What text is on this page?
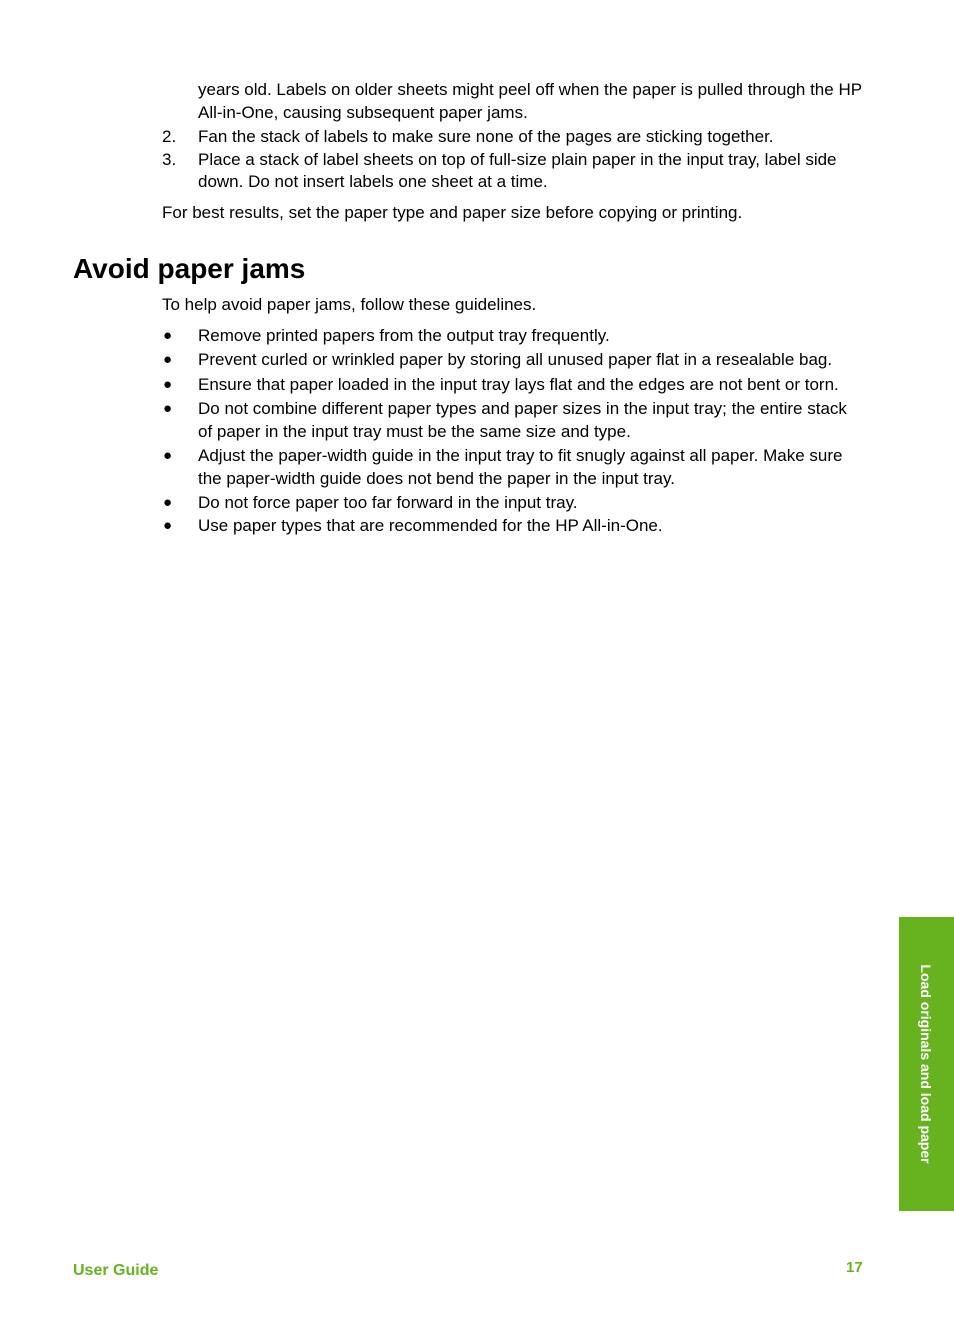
years old. Labels on older sheets might peel off when the paper is pulled through the HP All-in-One, causing subsequent paper jams.
2. Fan the stack of labels to make sure none of the pages are sticking together.
3. Place a stack of label sheets on top of full-size plain paper in the input tray, label side down. Do not insert labels one sheet at a time.
For best results, set the paper type and paper size before copying or printing.
Avoid paper jams
To help avoid paper jams, follow these guidelines.
● Remove printed papers from the output tray frequently.
● Prevent curled or wrinkled paper by storing all unused paper flat in a resealable bag.
● Ensure that paper loaded in the input tray lays flat and the edges are not bent or torn.
● Do not combine different paper types and paper sizes in the input tray; the entire stack of paper in the input tray must be the same size and type.
● Adjust the paper-width guide in the input tray to fit snugly against all paper. Make sure the paper-width guide does not bend the paper in the input tray.
● Do not force paper too far forward in the input tray.
● Use paper types that are recommended for the HP All-in-One.
Load originals and load paper
User Guide	17
